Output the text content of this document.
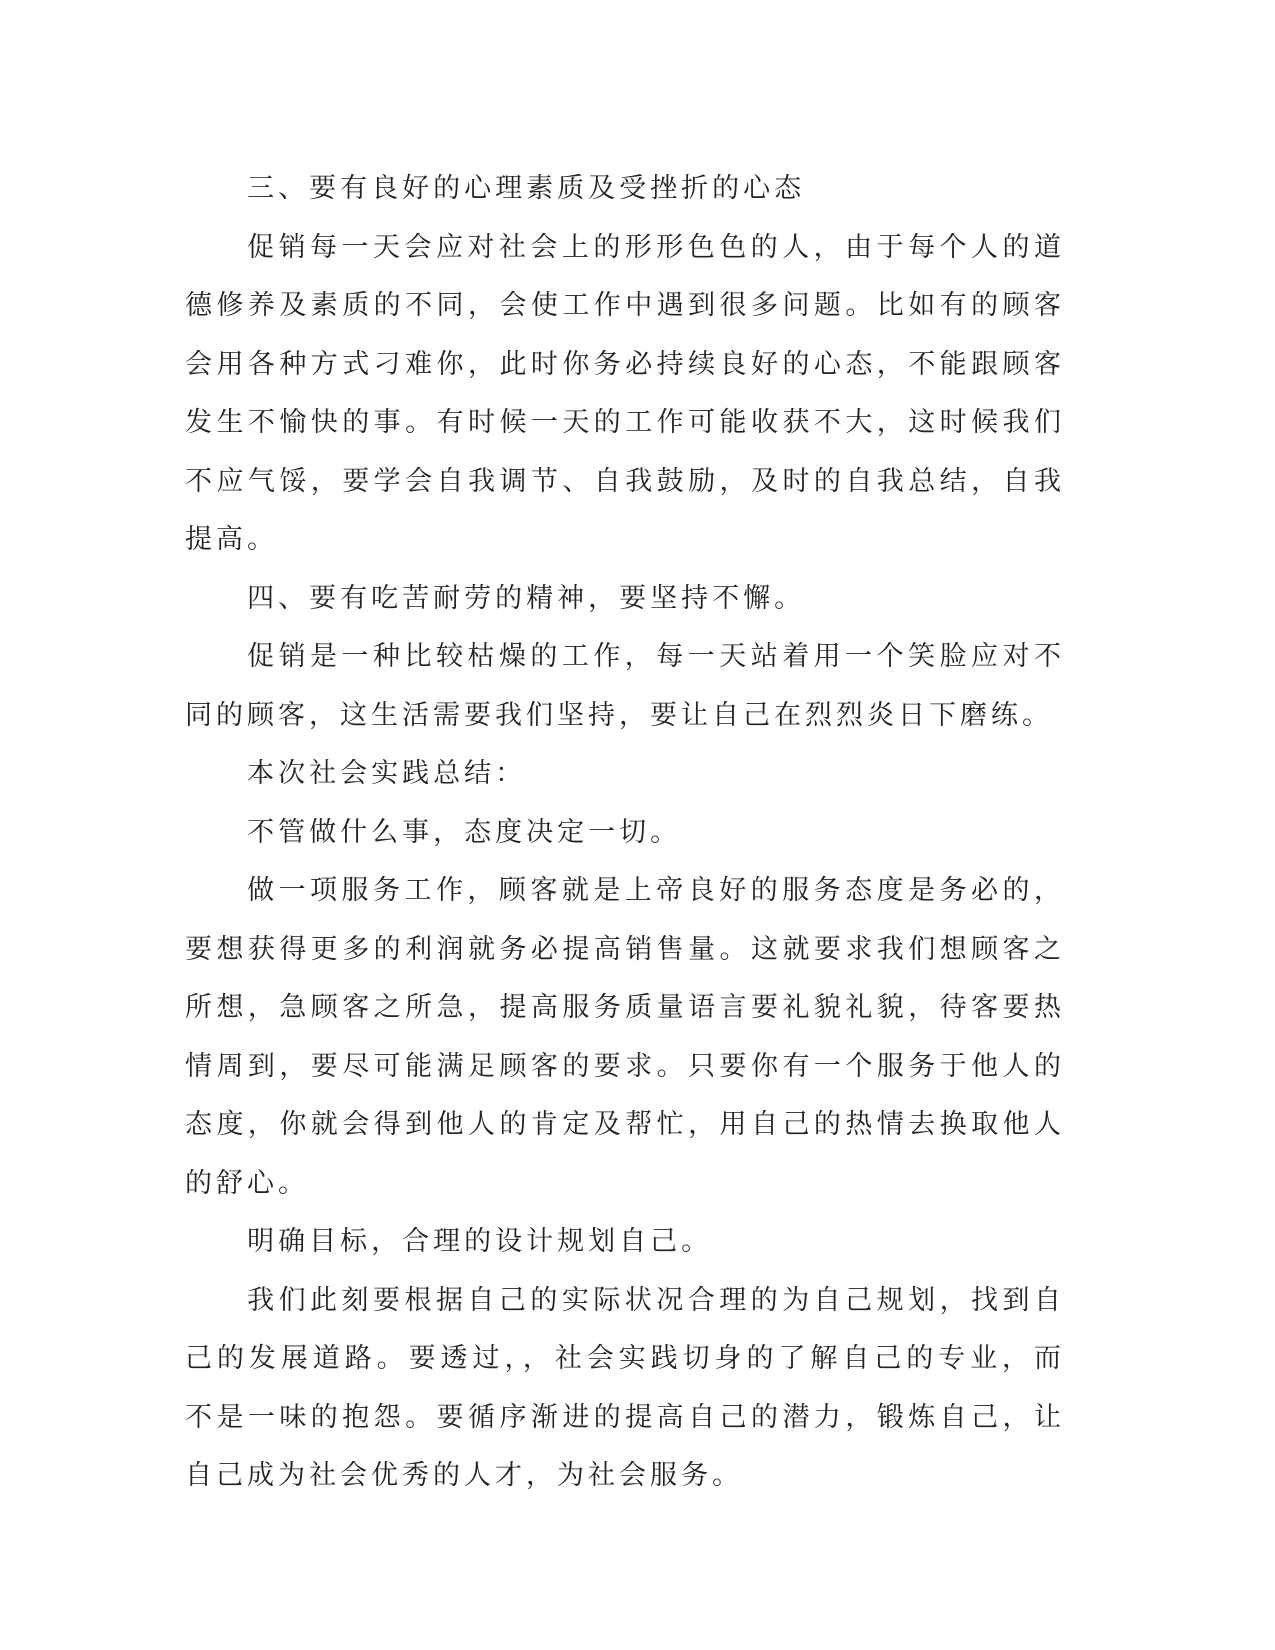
三、要有良好的心理素质及受挫折的心态

促销每一天会应对社会上的形形色色的人，由于每个人的道德修养及素质的不同，会使工作中遇到很多问题。比如有的顾客会用各种方式刁难你，此时你务必持续良好的心态，不能跟顾客发生不愉快的事。有时候一天的工作可能收获不大，这时候我们不应气馁，要学会自我调节、自我鼓励，及时的自我总结，自我提高。

四、要有吃苦耐劳的精神，要坚持不懈。

促销是一种比较枯燥的工作，每一天站着用一个笑脸应对不同的顾客，这生活需要我们坚持，要让自己在烈烈炎日下磨练。

本次社会实践总结：

不管做什么事，态度决定一切。

做一项服务工作，顾客就是上帝良好的服务态度是务必的，要想获得更多的利润就务必提高销售量。这就要求我们想顾客之所想，急顾客之所急，提高服务质量语言要礼貌礼貌，待客要热情周到，要尽可能满足顾客的要求。只要你有一个服务于他人的态度，你就会得到他人的肯定及帮忙，用自己的热情去换取他人的舒心。

明确目标，合理的设计规划自己。

我们此刻要根据自己的实际状况合理的为自己规划，找到自己的发展道路。要透过，，社会实践切身的了解自己的专业，而不是一味的抱怨。要循序渐进的提高自己的潜力，锻炼自己，让自己成为社会优秀的人才，为社会服务。
